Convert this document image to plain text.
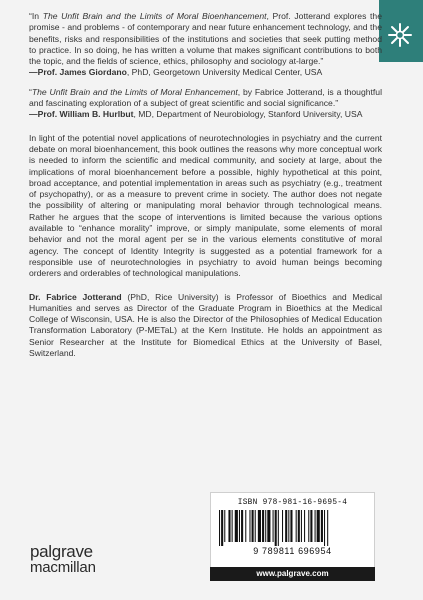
“In The Unfit Brain and the Limits of Moral Bioenhancement, Prof. Jotterand explores the promise - and problems - of contemporary and near future enhancement technology, and the benefits, risks and responsibilities of the institutions and societies that seek putting method to practice. In so doing, he has written a volume that makes significant contributions to both the topic, and the fields of science, ethics, philosophy and sociology at-large.”

—Prof. James Giordano, PhD, Georgetown University Medical Center, USA

“The Unfit Brain and the Limits of Moral Enhancement, by Fabrice Jotterand, is a thoughtful and fascinating exploration of a subject of great scientific and social significance.”

—Prof. William B. Hurlbut, MD, Department of Neurobiology, Stanford University, USA

In light of the potential novel applications of neurotechnologies in psychiatry and the current debate on moral bioenhancement, this book outlines the reasons why more conceptual work is needed to inform the scientific and medical community, and society at large, about the implications of moral bioenhancement before a possible, highly hypothetical at this point, broad acceptance, and potential implementation in areas such as psychiatry (e.g., treatment of psychopathy), or as a measure to prevent crime in society. The author does not negate the possibility of altering or manipulating moral behavior through technological means. Rather he argues that the scope of interventions is limited because the various options available to “enhance morality” improve, or simply manipulate, some elements of moral behavior and not the moral agent per se in the various elements constitutive of moral agency. The concept of Identity Integrity is suggested as a potential framework for a responsible use of neurotechnologies in psychiatry to avoid human beings becoming orderers and orderables of technological manipulations.

Dr. Fabrice Jotterand (PhD, Rice University) is Professor of Bioethics and Medical Humanities and serves as Director of the Graduate Program in Bioethics at the Medical College of Wisconsin, USA. He is also the Director of the Philosophies of Medical Education Transformation Laboratory (P-METaL) at the Kern Institute. He holds an appointment as Senior Researcher at the Institute for Biomedical Ethics at the University of Basel, Switzerland.

ISBN 978-981-16-9695-4
9 789811 696954
www.palgrave.com
palgrave
macmillan
